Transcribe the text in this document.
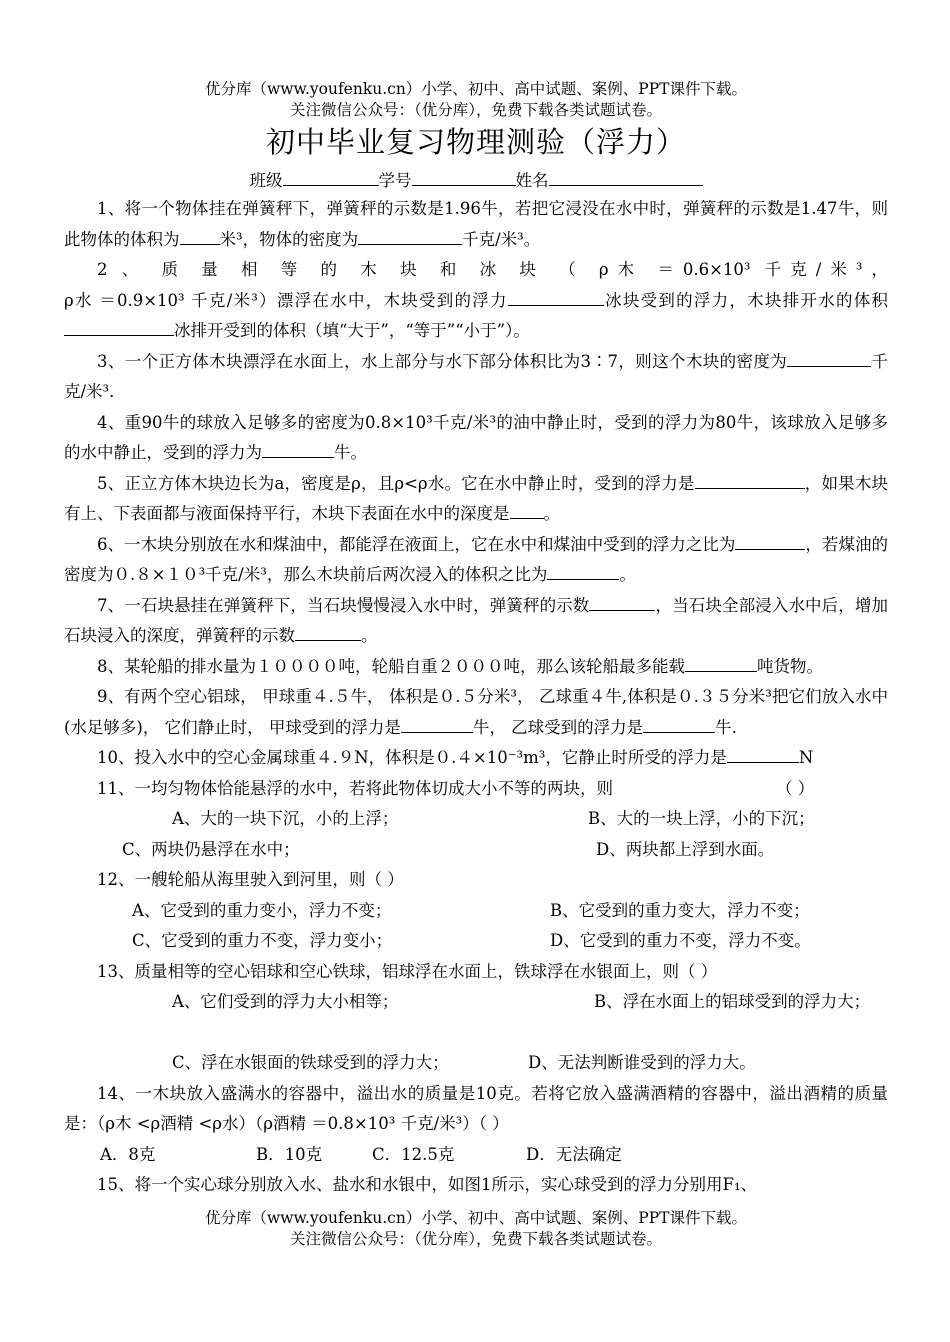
优分库（www.youfenku.cn）小学、初中、高中试题、案例、PPT课件下载。
关注微信公众号：（优分库），免费下载各类试题试卷。
初中毕业复习物理测验（浮力）
班级	学号	姓名

1、将一个物体挂在弹簧秤下，弹簧秤的示数是1.96牛，若把它浸没在水中时，弹簧秤的示数是1.47牛，则此物体的体积为 米³，物体的密度为	千克/米³。

2 、 质 量 相 等 的 木 块 和 冰 块 （ ρ木 ＝0.6×10³ 千克/米³，

ρ水 ＝0.9×10³ 千克/米³）漂浮在水中，木块受到的浮力	冰块受到的浮力，木块排开水的体积冰排开受到的体积（填“大于”，“等于”“小于”）。

3、一个正方体木块漂浮在水面上，水上部分与水下部分体积比为3∶7，则这个木块的密度为	千克/米³.

4、重90牛的球放入足够多的密度为0.8×10³千克/米³的油中静止时，受到的浮力为80牛，该球放入足够多的水中静止，受到的浮力为	牛。

5、正立方体木块边长为a，密度是ρ，且ρ<ρ水。它在水中静止时，受到的浮力是	，如果木块有上、下表面都与液面保持平行，木块下表面在水中的深度是 。

6、一木块分别放在水和煤油中，都能浮在液面上，它在水中和煤油中受到的浮力之比为	，若煤油的密度为０.８×１０³千克/米³，那么木块前后两次浸入的体积之比为	。

7、一石块悬挂在弹簧秤下，当石块慢慢浸入水中时，弹簧秤的示数	，当石块全部浸入水中后，增加石块浸入的深度，弹簧秤的示数	。

8、某轮船的排水量为１００００吨，轮船自重２０００吨，那么该轮船最多能载	吨货物。

9、有两个空心铝球， 甲球重４.５牛， 体积是０.５分米³， 乙球重４牛,体积是０.３５分米³把它们放入水中(水足够多)， 它们静止时， 甲球受到的浮力是	牛， 乙球受到的浮力是	牛.

10、投入水中的空心金属球重４.９N，体积是０.４×10⁻³m³，它静止时所受的浮力是	N

11、一均匀物体恰能悬浮的水中，若将此物体切成大小不等的两块，则	（ ）
A、大的一块下沉，小的上浮；	B、大的一块上浮，小的下沉；
C、两块仍悬浮在水中；	D、两块都上浮到水面。
12、一艘轮船从海里驶入到河里，则（ ）
A、它受到的重力变小，浮力不变；	B、它受到的重力变大，浮力不变；
C、它受到的重力不变，浮力变小；	D、它受到的重力不变，浮力不变。
13、质量相等的空心铝球和空心铁球，铝球浮在水面上，铁球浮在水银面上，则（ ）
A、它们受到的浮力大小相等；	B、浮在水面上的铝球受到的浮力大；
C、浮在水银面的铁球受到的浮力大；	D、无法判断谁受到的浮力大。

14、一木块放入盛满水的容器中，溢出水的质量是10克。若将它放入盛满酒精的容器中，溢出酒精的质量是：（ρ木 <ρ酒精 <ρ水）（ρ酒精 ＝0.8×10³ 千克/米³）（ ）

A．8克	B．10克	C．12.5克	D．无法确定

15、将一个实心球分别放入水、盐水和水银中，如图1所示，实心球受到的浮力分别用F₁、

优分库（www.youfenku.cn）小学、初中、高中试题、案例、PPT课件下载。
关注微信公众号：（优分库），免费下载各类试题试卷。
